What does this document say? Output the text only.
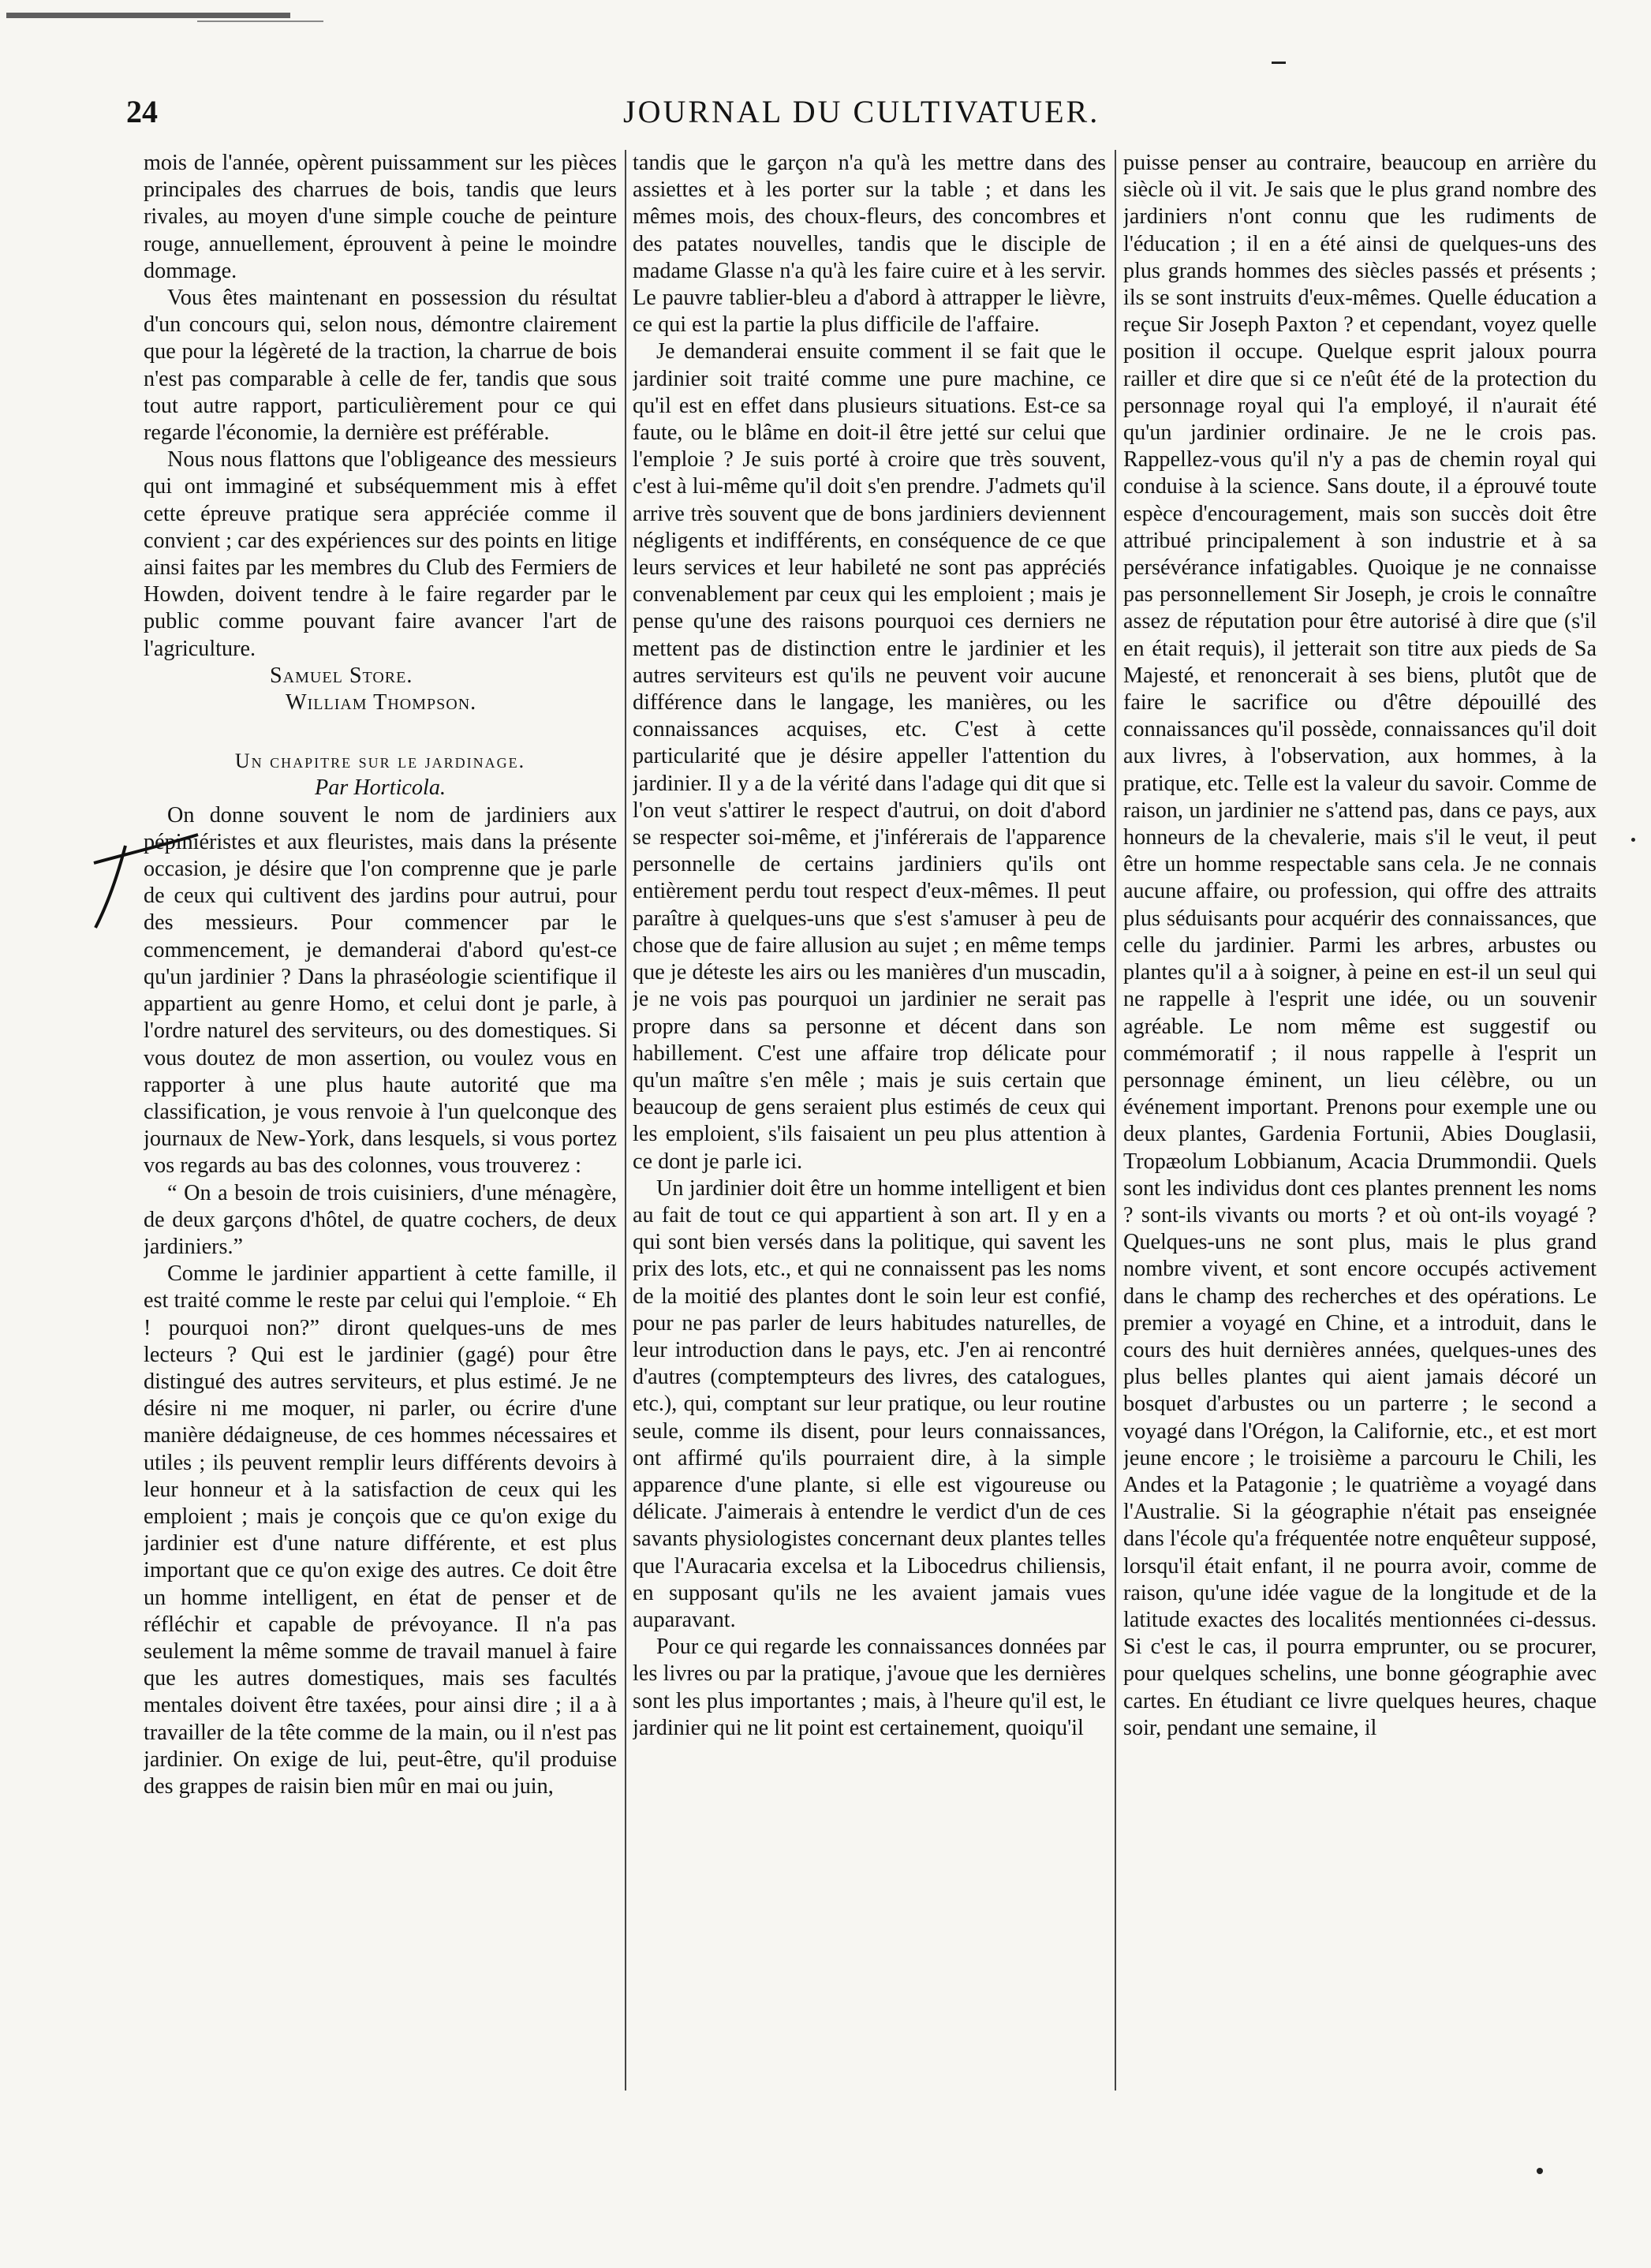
24	JOURNAL DU CULTIVATUER.

mois de l'année, opèrent puissamment sur les pièces principales des charrues de bois, tandis que leurs rivales, au moyen d'une simple couche de peinture rouge, annuellement, éprouvent à peine le moindre dommage.

Vous êtes maintenant en possession du résultat d'un concours qui, selon nous, démontre clairement que pour la légèreté de la traction, la charrue de bois n'est pas comparable à celle de fer, tandis que sous tout autre rapport, particulièrement pour ce qui regarde l'économie, la dernière est préférable.

Nous nous flattons que l'obligeance des messieurs qui ont immaginé et subséquemment mis à effet cette épreuve pratique sera appréciée comme il convient ; car des expériences sur des points en litige ainsi faites par les membres du Club des Fermiers de Howden, doivent tendre à le faire regarder par le public comme pouvant faire avancer l'art de l'agriculture.

Samuel Store.

William Thompson.

Un chapitre sur le jardinage.

Par Horticola.

On donne souvent le nom de jardiniers aux pépiniéristes et aux fleuristes, mais dans la présente occasion, je désire que l'on comprenne que je parle de ceux qui cultivent des jardins pour autrui, pour des messieurs. Pour commencer par le commencement, je demanderai d'abord qu'est-ce qu'un jardinier ? Dans la phraséologie scientifique il appartient au genre Homo, et celui dont je parle, à l'ordre naturel des serviteurs, ou des domestiques. Si vous doutez de mon assertion, ou voulez vous en rapporter à une plus haute autorité que ma classification, je vous renvoie à l'un quelconque des journaux de New-York, dans lesquels, si vous portez vos regards au bas des colonnes, vous trouverez :

“ On a besoin de trois cuisiniers, d'une ménagère, de deux garçons d'hôtel, de quatre cochers, de deux jardiniers.”

Comme le jardinier appartient à cette famille, il est traité comme le reste par celui qui l'emploie. “ Eh ! pourquoi non?” diront quelques-uns de mes lecteurs ? Qui est le jardinier (gagé) pour être distingué des autres serviteurs, et plus estimé. Je ne désire ni me moquer, ni parler, ou écrire d'une manière dédaigneuse, de ces hommes nécessaires et utiles ; ils peuvent remplir leurs différents devoirs à leur honneur et à la satisfaction de ceux qui les emploient ; mais je conçois que ce qu'on exige du jardinier est d'une nature différente, et est plus important que ce qu'on exige des autres. Ce doit être un homme intelligent, en état de penser et de réfléchir et capable de prévoyance. Il n'a pas seulement la même somme de travail manuel à faire que les autres domestiques, mais ses facultés mentales doivent être taxées, pour ainsi dire ; il a à travailler de la tête comme de la main, ou il n'est pas jardinier. On exige de lui, peut-être, qu'il produise des grappes de raisin bien mûr en mai ou juin,

tandis que le garçon n'a qu'à les mettre dans des assiettes et à les porter sur la table ; et dans les mêmes mois, des choux-fleurs, des concombres et des patates nouvelles, tandis que le disciple de madame Glasse n'a qu'à les faire cuire et à les servir. Le pauvre tablier-bleu a d'abord à attrapper le lièvre, ce qui est la partie la plus difficile de l'affaire.

Je demanderai ensuite comment il se fait que le jardinier soit traité comme une pure machine, ce qu'il est en effet dans plusieurs situations. Est-ce sa faute, ou le blâme en doit-il être jetté sur celui que l'emploie ? Je suis porté à croire que très souvent, c'est à lui-même qu'il doit s'en prendre. J'admets qu'il arrive très souvent que de bons jardiniers deviennent négligents et indifférents, en conséquence de ce que leurs services et leur habileté ne sont pas appréciés convenablement par ceux qui les emploient ; mais je pense qu'une des raisons pourquoi ces derniers ne mettent pas de distinction entre le jardinier et les autres serviteurs est qu'ils ne peuvent voir aucune différence dans le langage, les manières, ou les connaissances acquises, etc. C'est à cette particularité que je désire appeller l'attention du jardinier. Il y a de la vérité dans l'adage qui dit que si l'on veut s'attirer le respect d'autrui, on doit d'abord se respecter soi-même, et j'inférerais de l'apparence personnelle de certains jardiniers qu'ils ont entièrement perdu tout respect d'eux-mêmes. Il peut paraître à quelques-uns que s'est s'amuser à peu de chose que de faire allusion au sujet ; en même temps que je déteste les airs ou les manières d'un muscadin, je ne vois pas pourquoi un jardinier ne serait pas propre dans sa personne et décent dans son habillement. C'est une affaire trop délicate pour qu'un maître s'en mêle ; mais je suis certain que beaucoup de gens seraient plus estimés de ceux qui les emploient, s'ils faisaient un peu plus attention à ce dont je parle ici.

Un jardinier doit être un homme intelligent et bien au fait de tout ce qui appartient à son art. Il y en a qui sont bien versés dans la politique, qui savent les prix des lots, etc., et qui ne connaissent pas les noms de la moitié des plantes dont le soin leur est confié, pour ne pas parler de leurs habitudes naturelles, de leur introduction dans le pays, etc. J'en ai rencontré d'autres (comptempteurs des livres, des catalogues, etc.), qui, comptant sur leur pratique, ou leur routine seule, comme ils disent, pour leurs connaissances, ont affirmé qu'ils pourraient dire, à la simple apparence d'une plante, si elle est vigoureuse ou délicate. J'aimerais à entendre le verdict d'un de ces savants physiologistes concernant deux plantes telles que l'Auracaria excelsa et la Libocedrus chiliensis, en supposant qu'ils ne les avaient jamais vues auparavant.

Pour ce qui regarde les connaissances données par les livres ou par la pratique, j'avoue que les dernières sont les plus importantes ; mais, à l'heure qu'il est, le jardinier qui ne lit point est certainement, quoiqu'il

puisse penser au contraire, beaucoup en arrière du siècle où il vit. Je sais que le plus grand nombre des jardiniers n'ont connu que les rudiments de l'éducation ; il en a été ainsi de quelques-uns des plus grands hommes des siècles passés et présents ; ils se sont instruits d'eux-mêmes. Quelle éducation a reçue Sir Joseph Paxton ? et cependant, voyez quelle position il occupe. Quelque esprit jaloux pourra railler et dire que si ce n'eût été de la protection du personnage royal qui l'a employé, il n'aurait été qu'un jardinier ordinaire. Je ne le crois pas. Rappellez-vous qu'il n'y a pas de chemin royal qui conduise à la science. Sans doute, il a éprouvé toute espèce d'encouragement, mais son succès doit être attribué principalement à son industrie et à sa persévérance infatigables. Quoique je ne connaisse pas personnellement Sir Joseph, je crois le connaître assez de réputation pour être autorisé à dire que (s'il en était requis), il jetterait son titre aux pieds de Sa Majesté, et renoncerait à ses biens, plutôt que de faire le sacrifice ou d'être dépouillé des connaissances qu'il possède, connaissances qu'il doit aux livres, à l'observation, aux hommes, à la pratique, etc. Telle est la valeur du savoir. Comme de raison, un jardinier ne s'attend pas, dans ce pays, aux honneurs de la chevalerie, mais s'il le veut, il peut être un homme respectable sans cela. Je ne connais aucune affaire, ou profession, qui offre des attraits plus séduisants pour acquérir des connaissances, que celle du jardinier. Parmi les arbres, arbustes ou plantes qu'il a à soigner, à peine en est-il un seul qui ne rappelle à l'esprit une idée, ou un souvenir agréable. Le nom même est suggestif ou commémoratif ; il nous rappelle à l'esprit un personnage éminent, un lieu célèbre, ou un événement important. Prenons pour exemple une ou deux plantes, Gardenia Fortunii, Abies Douglasii, Tropæolum Lobbianum, Acacia Drummondii. Quels sont les individus dont ces plantes prennent les noms ? sont-ils vivants ou morts ? et où ont-ils voyagé ? Quelques-uns ne sont plus, mais le plus grand nombre vivent, et sont encore occupés activement dans le champ des recherches et des opérations. Le premier a voyagé en Chine, et a introduit, dans le cours des huit dernières années, quelques-unes des plus belles plantes qui aient jamais décoré un bosquet d'arbustes ou un parterre ; le second a voyagé dans l'Orégon, la Californie, etc., et est mort jeune encore ; le troisième a parcouru le Chili, les Andes et la Patagonie ; le quatrième a voyagé dans l'Australie. Si la géographie n'était pas enseignée dans l'école qu'a fréquentée notre enquêteur supposé, lorsqu'il était enfant, il ne pourra avoir, comme de raison, qu'une idée vague de la longitude et de la latitude exactes des localités mentionnées ci-dessus. Si c'est le cas, il pourra emprunter, ou se procurer, pour quelques schelins, une bonne géographie avec cartes. En étudiant ce livre quelques heures, chaque soir, pendant une semaine, il
